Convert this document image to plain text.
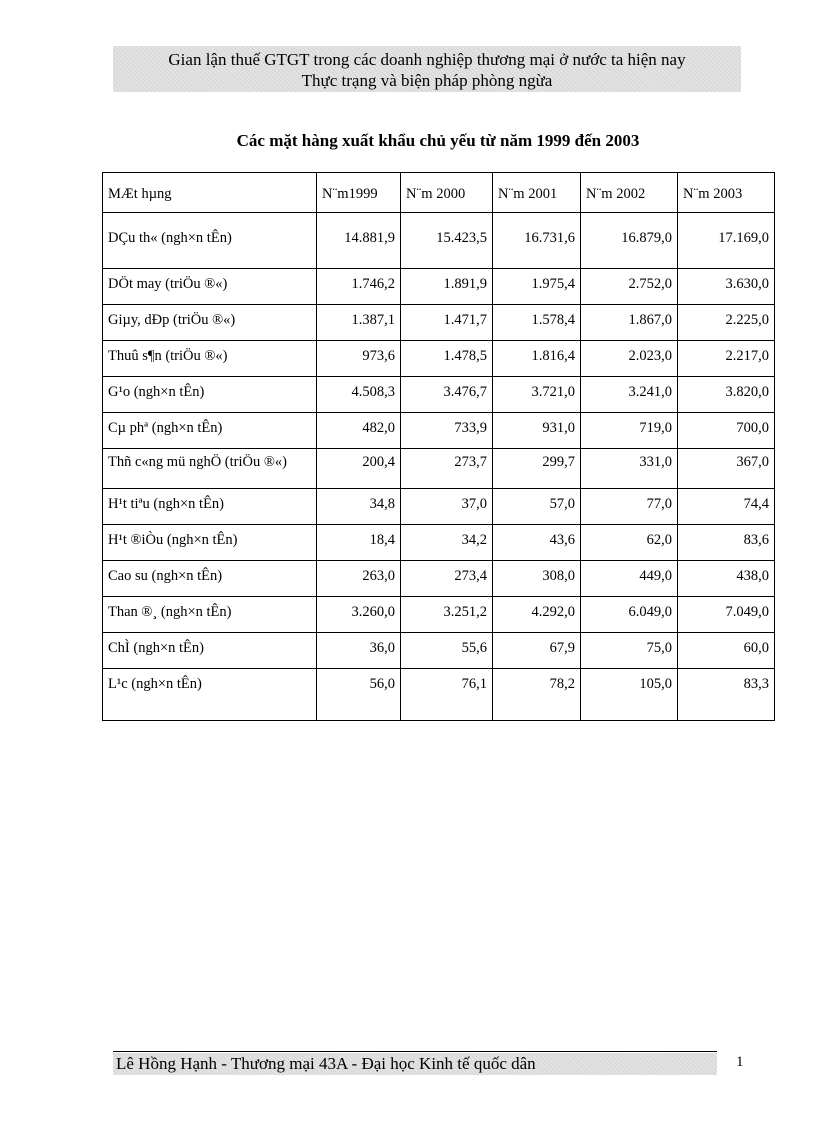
Gian lận thuế GTGT trong các doanh nghiệp thương mại ở nước ta hiện nay
Thực trạng và biện pháp phòng ngừa
Các mặt hàng xuất khẩu chủ yếu từ năm 1999 đến 2003
MÆt hµng	N¨m1999	N¨m 2000	N¨m 2001	N¨m 2002	N¨m 2003
DÇu th« (ngh×n tÊn)	14.881,9	15.423,5	16.731,6	16.879,0	17.169,0
DÖt may (triÖu ®«)	1.746,2	1.891,9	1.975,4	2.752,0	3.630,0
Giµy, dÐp (triÖu ®«)	1.387,1	1.471,7	1.578,4	1.867,0	2.225,0
Thuû s¶n (triÖu ®«)	973,6	1.478,5	1.816,4	2.023,0	2.217,0
G¹o (ngh×n tÊn)	4.508,3	3.476,7	3.721,0	3.241,0	3.820,0
Cµ phª (ngh×n tÊn)	482,0	733,9	931,0	719,0	700,0
Thñ c«ng mü nghÖ (triÖu ®«)	200,4	273,7	299,7	331,0	367,0
H¹t tiªu (ngh×n tÊn)	34,8	37,0	57,0	77,0	74,4
H¹t ®iÒu (ngh×n tÊn)	18,4	34,2	43,6	62,0	83,6
Cao su (ngh×n tÊn)	263,0	273,4	308,0	449,0	438,0
Than ®¸ (ngh×n tÊn)	3.260,0	3.251,2	4.292,0	6.049,0	7.049,0
ChÌ (ngh×n tÊn)	36,0	55,6	67,9	75,0	60,0
L¹c (ngh×n tÊn)	56,0	76,1	78,2	105,0	83,3
Lê Hồng Hạnh - Thương mại 43A - Đại học Kinh tế quốc dân	1
